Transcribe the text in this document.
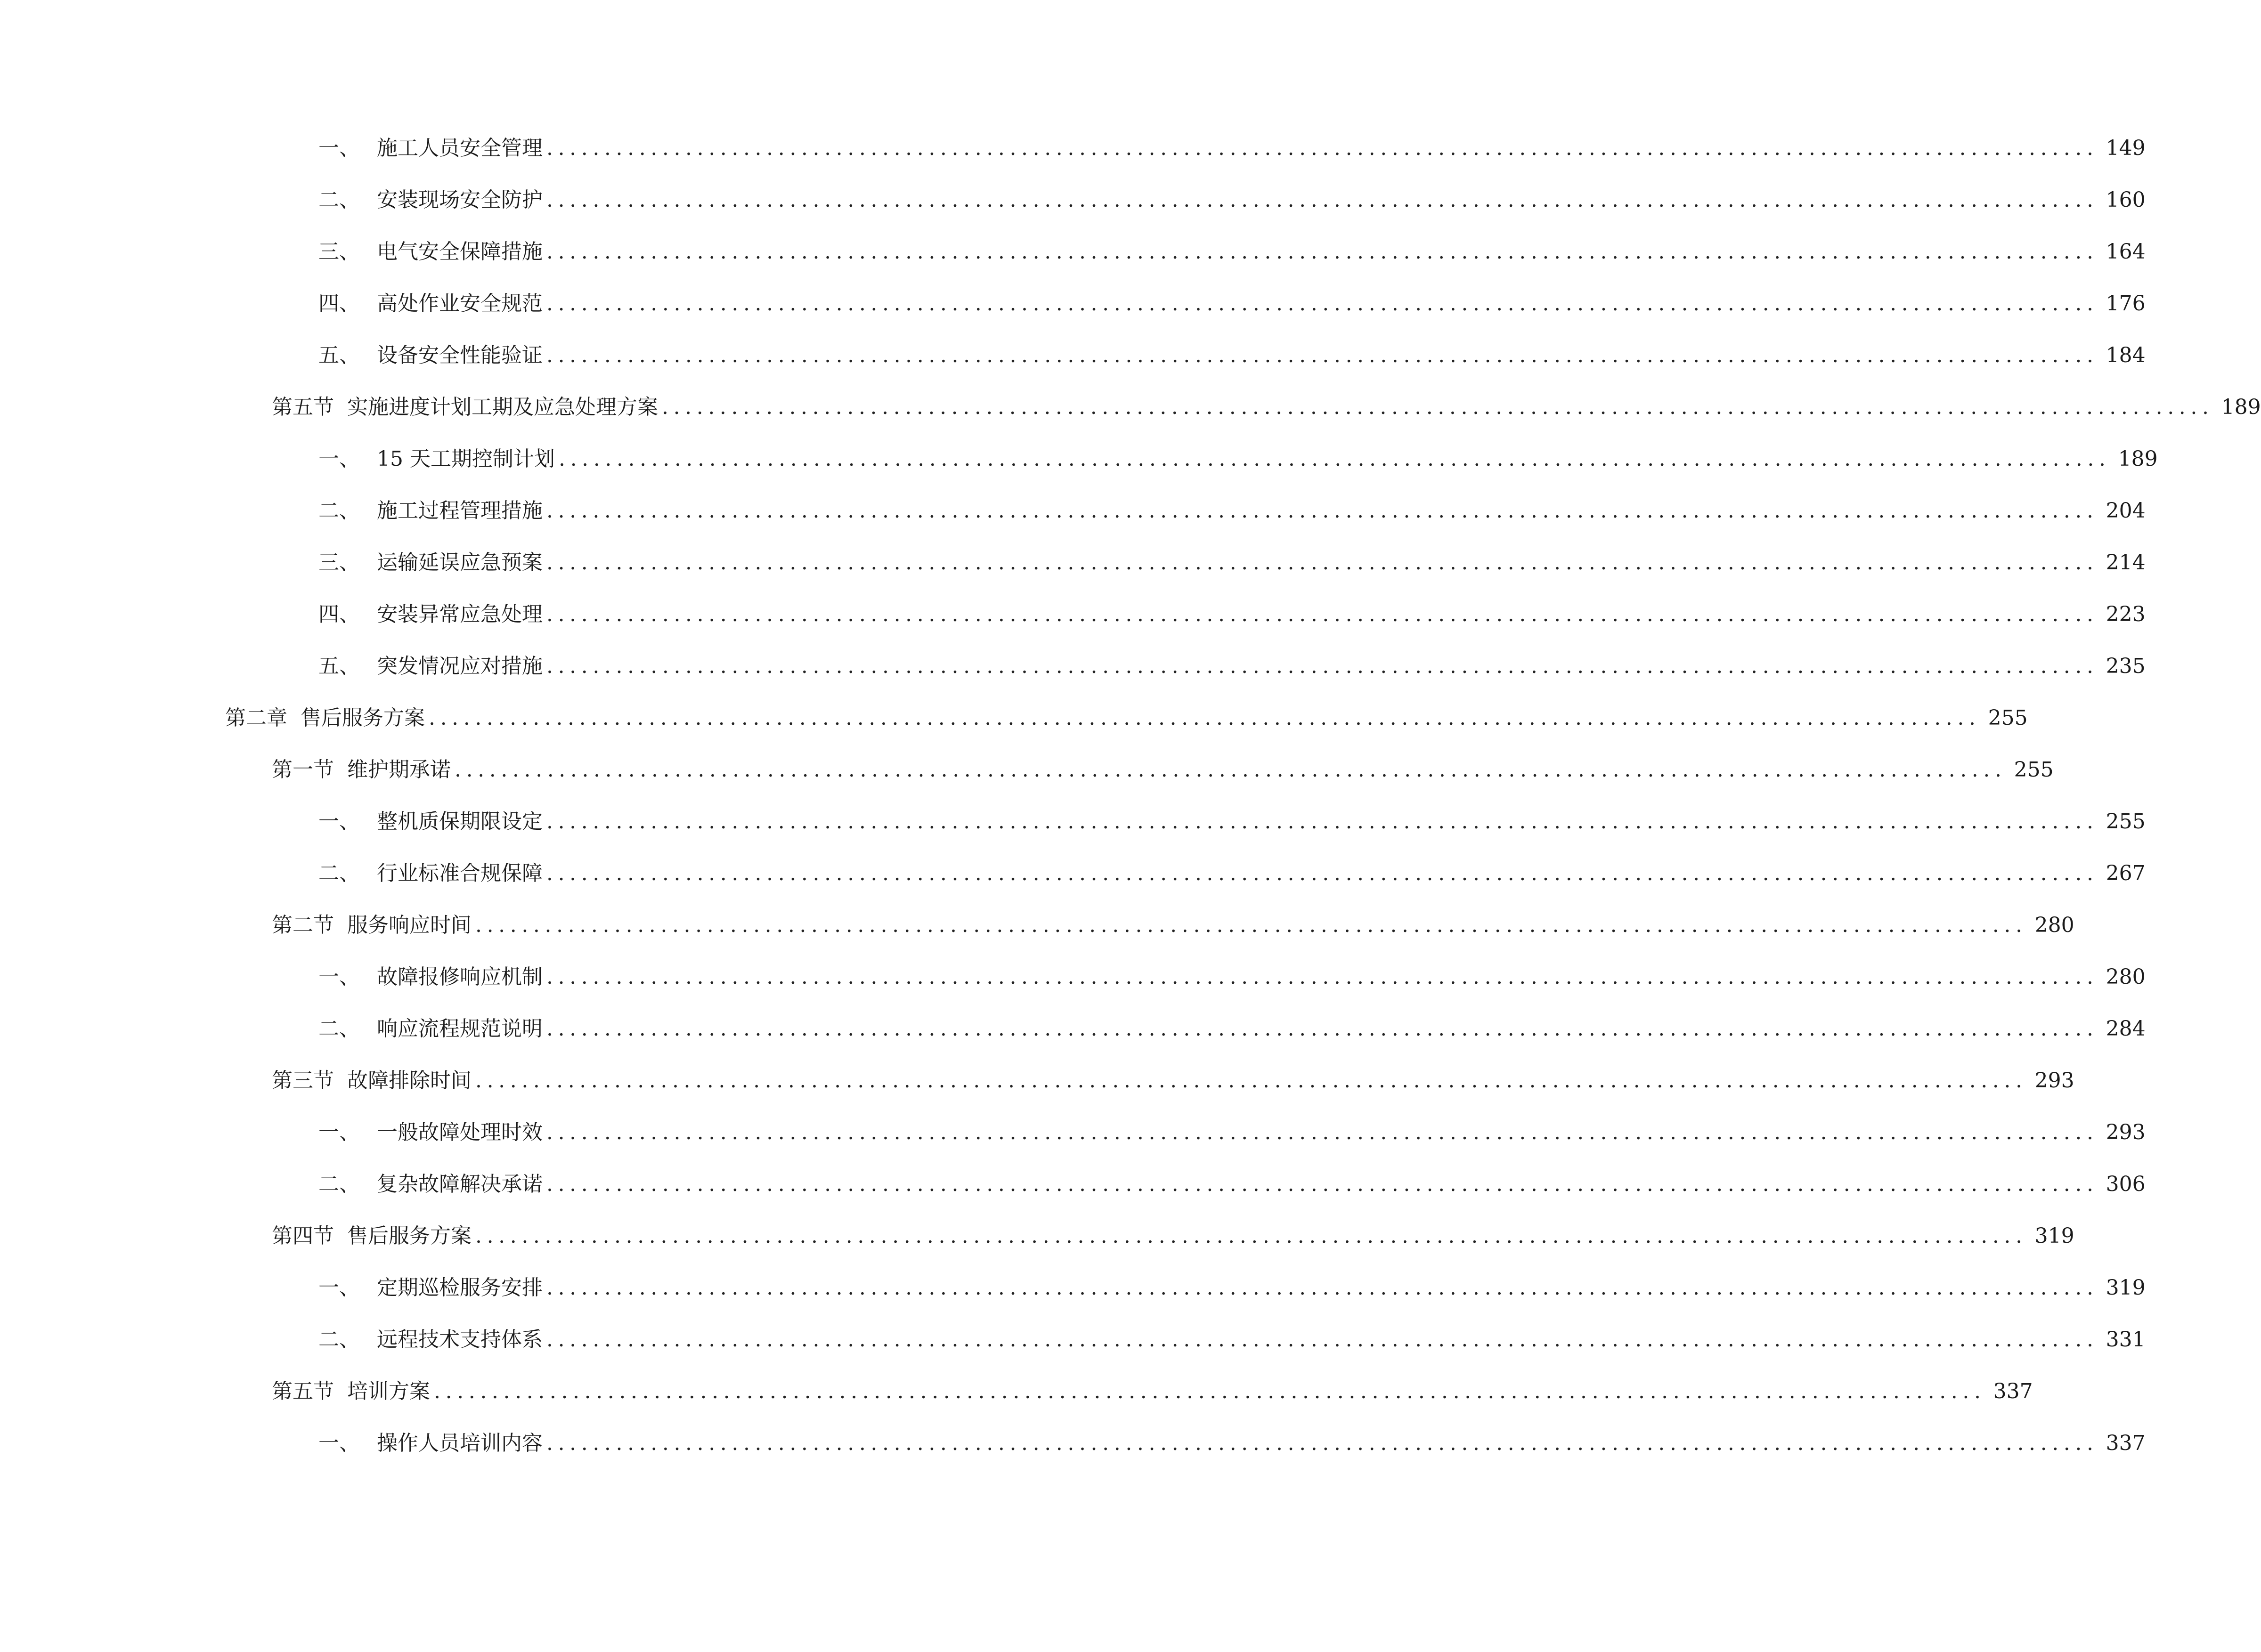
一、 施工人员安全管理 ...................................................................................................................................... 149
二、 安装现场安全防护 ...................................................................................................................................... 160
三、 电气安全保障措施 ...................................................................................................................................... 164
四、 高处作业安全规范 ...................................................................................................................................... 176
五、 设备安全性能验证 ...................................................................................................................................... 184
第五节 实施进度计划工期及应急处理方案 ...................................................................................................................................... 189
一、 15 天工期控制计划 ...................................................................................................................................... 189
二、 施工过程管理措施 ...................................................................................................................................... 204
三、 运输延误应急预案 ...................................................................................................................................... 214
四、 安装异常应急处理 ...................................................................................................................................... 223
五、 突发情况应对措施 ...................................................................................................................................... 235
第二章 售后服务方案 ...................................................................................................................................... 255
第一节 维护期承诺 ...................................................................................................................................... 255
一、 整机质保期限设定 ...................................................................................................................................... 255
二、 行业标准合规保障 ...................................................................................................................................... 267
第二节 服务响应时间 ...................................................................................................................................... 280
一、 故障报修响应机制 ...................................................................................................................................... 280
二、 响应流程规范说明 ...................................................................................................................................... 284
第三节 故障排除时间 ...................................................................................................................................... 293
一、 一般故障处理时效 ...................................................................................................................................... 293
二、 复杂故障解决承诺 ...................................................................................................................................... 306
第四节 售后服务方案 ...................................................................................................................................... 319
一、 定期巡检服务安排 ...................................................................................................................................... 319
二、 远程技术支持体系 ...................................................................................................................................... 331
第五节 培训方案 ...................................................................................................................................... 337
一、 操作人员培训内容 ...................................................................................................................................... 337
